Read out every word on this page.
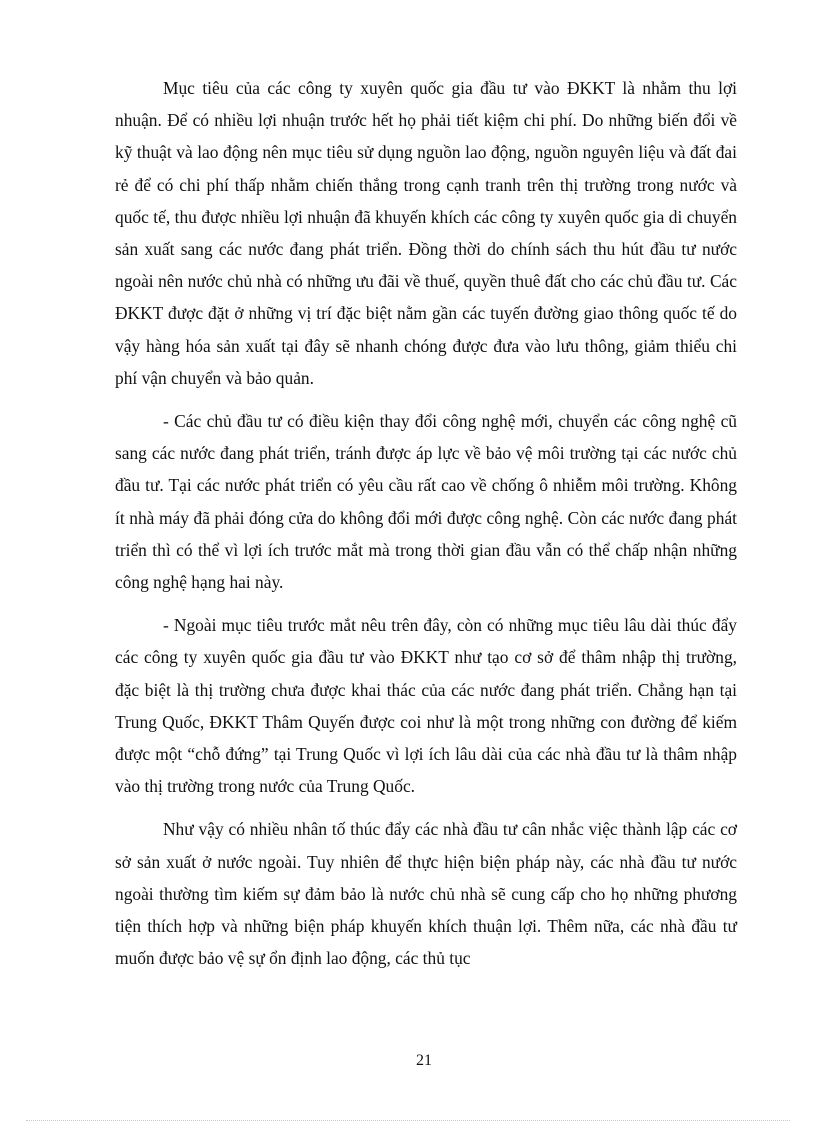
Mục tiêu của các công ty xuyên quốc gia đầu tư vào ĐKKT là nhằm thu lợi nhuận. Để có nhiều lợi nhuận trước hết họ phải tiết kiệm chi phí. Do những biến đổi về kỹ thuật và lao động nên mục tiêu sử dụng nguồn lao động, nguồn nguyên liệu và đất đai rẻ để có chi phí thấp nhằm chiến thắng trong cạnh tranh trên thị trường trong nước và quốc tế, thu được nhiều lợi nhuận đã khuyến khích các công ty xuyên quốc gia di chuyển sản xuất sang các nước đang phát triển. Đồng thời do chính sách thu hút đầu tư nước ngoài nên nước chủ nhà có những ưu đãi về thuế, quyền thuê đất cho các chủ đầu tư. Các ĐKKT được đặt ở những vị trí đặc biệt nằm gần các tuyến đường giao thông quốc tế do vậy hàng hóa sản xuất tại đây sẽ nhanh chóng được đưa vào lưu thông, giảm thiểu chi phí vận chuyển và bảo quản.

- Các chủ đầu tư có điều kiện thay đổi công nghệ mới, chuyển các công nghệ cũ sang các nước đang phát triển, tránh được áp lực về bảo vệ môi trường tại các nước chủ đầu tư. Tại các nước phát triển có yêu cầu rất cao về chống ô nhiễm môi trường. Không ít nhà máy đã phải đóng cửa do không đổi mới được công nghệ. Còn các nước đang phát triển thì có thể vì lợi ích trước mắt mà trong thời gian đầu vẫn có thể chấp nhận những công nghệ hạng hai này.

- Ngoài mục tiêu trước mắt nêu trên đây, còn có những mục tiêu lâu dài thúc đẩy các công ty xuyên quốc gia đầu tư vào ĐKKT như tạo cơ sở để thâm nhập thị trường, đặc biệt là thị trường chưa được khai thác của các nước đang phát triển. Chẳng hạn tại Trung Quốc, ĐKKT Thâm Quyến được coi như là một trong những con đường để kiếm được một “chỗ đứng” tại Trung Quốc vì lợi ích lâu dài của các nhà đầu tư là thâm nhập vào thị trường trong nước của Trung Quốc.

Như vậy có nhiều nhân tố thúc đẩy các nhà đầu tư cân nhắc việc thành lập các cơ sở sản xuất ở nước ngoài. Tuy nhiên để thực hiện biện pháp này, các nhà đầu tư nước ngoài thường tìm kiếm sự đảm bảo là nước chủ nhà sẽ cung cấp cho họ những phương tiện thích hợp và những biện pháp khuyến khích thuận lợi. Thêm nữa, các nhà đầu tư muốn được bảo vệ sự ổn định lao động, các thủ tục

21
